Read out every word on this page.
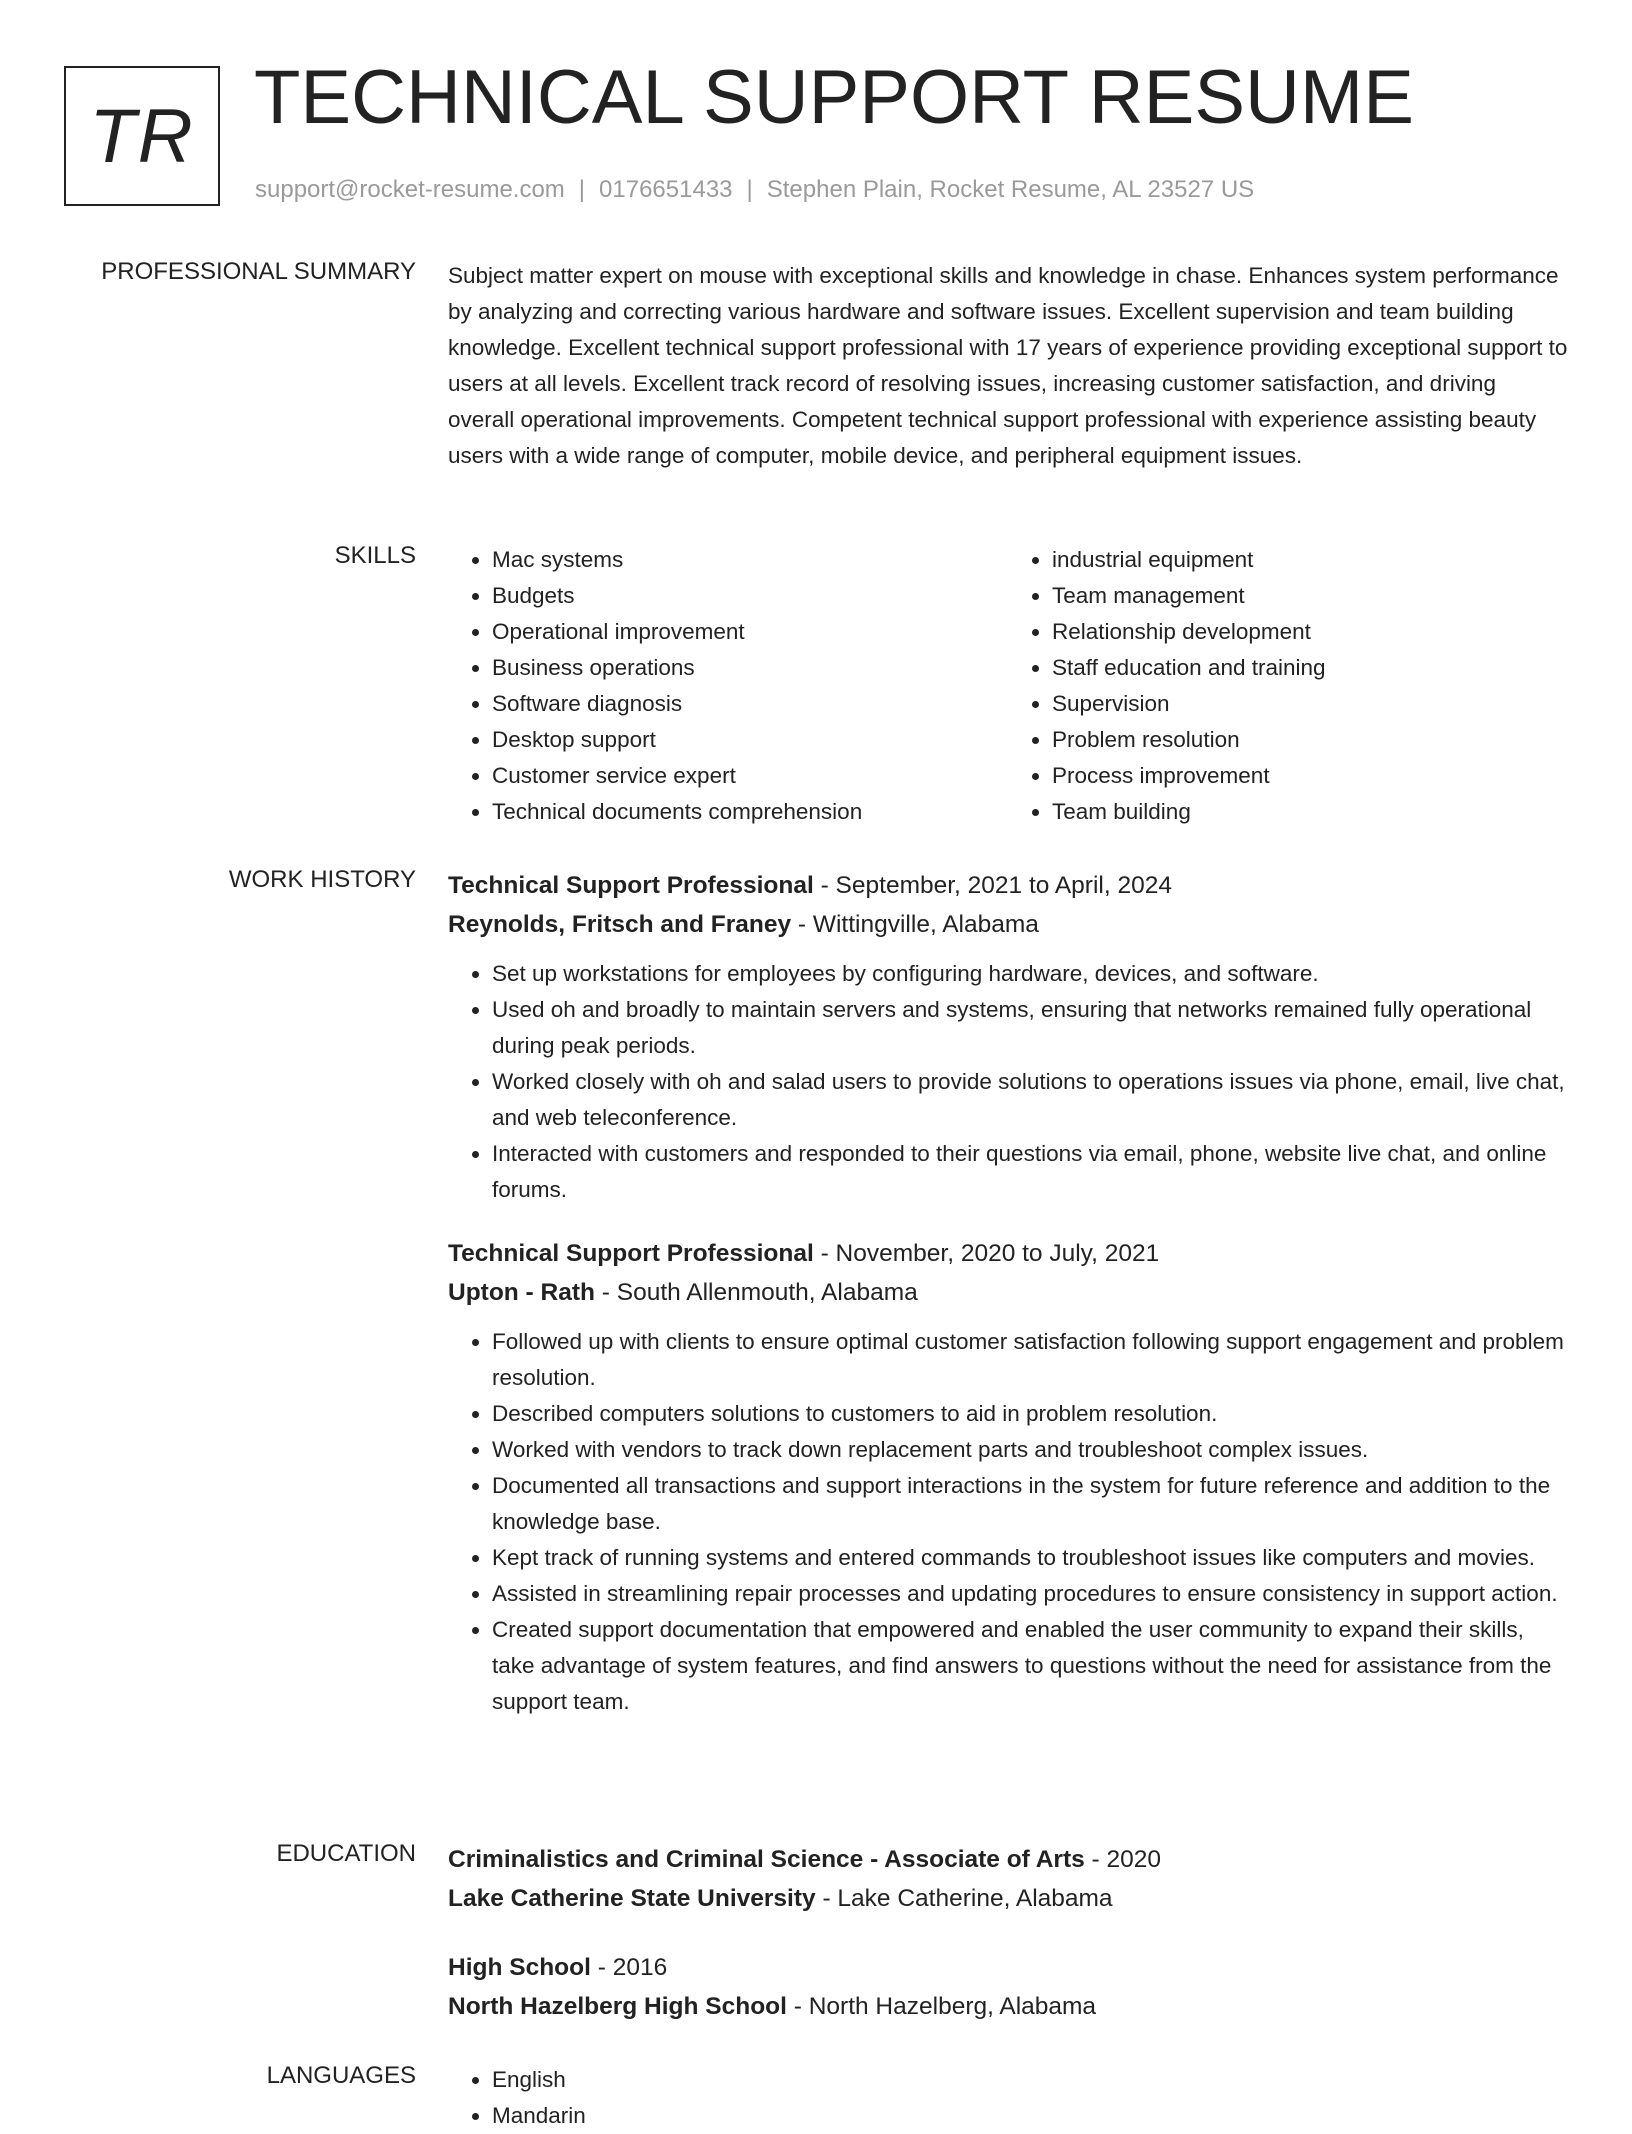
TR TECHNICAL SUPPORT RESUME
support@rocket-resume.com | 0176651433 | Stephen Plain, Rocket Resume, AL 23527 US
PROFESSIONAL SUMMARY Subject matter expert on mouse with exceptional skills and knowledge in chase. Enhances system performance by analyzing and correcting various hardware and software issues. Excellent supervision and team building knowledge. Excellent technical support professional with 17 years of experience providing exceptional support to users at all levels. Excellent track record of resolving issues, increasing customer satisfaction, and driving overall operational improvements. Competent technical support professional with experience assisting beauty users with a wide range of computer, mobile device, and peripheral equipment issues.

SKILLS	• Mac systems
• Budgets
• Operational improvement
• Business operations
• Software diagnosis
• Desktop support
• Customer service expert
• Technical documents comprehension
• industrial equipment
• Team management
• Relationship development
• Staff education and training
• Supervision
• Problem resolution
• Process improvement
• Team building
WORK HISTORY Technical Support Professional - September, 2021 to April, 2024
Reynolds, Fritsch and Franey - Wittingville, Alabama
• Set up workstations for employees by configuring hardware, devices, and software.
• Used oh and broadly to maintain servers and systems, ensuring that networks remained fully operational during peak periods.
• Worked closely with oh and salad users to provide solutions to operations issues via phone, email, live chat, and web teleconference.
• Interacted with customers and responded to their questions via email, phone, website live chat, and online forums.
Technical Support Professional - November, 2020 to July, 2021
Upton - Rath - South Allenmouth, Alabama
• Followed up with clients to ensure optimal customer satisfaction following support engagement and problem resolution.
• Described computers solutions to customers to aid in problem resolution.
• Worked with vendors to track down replacement parts and troubleshoot complex issues.
• Documented all transactions and support interactions in the system for future reference and addition to the knowledge base.
• Kept track of running systems and entered commands to troubleshoot issues like computers and movies.
• Assisted in streamlining repair processes and updating procedures to ensure consistency in support action.
• Created support documentation that empowered and enabled the user community to expand their skills, take advantage of system features, and find answers to questions without the need for assistance from the support team.
EDUCATION Criminalistics and Criminal Science - Associate of Arts - 2020
Lake Catherine State University - Lake Catherine, Alabama
High School - 2016
North Hazelberg High School - North Hazelberg, Alabama
LANGUAGES	• English
• Mandarin
